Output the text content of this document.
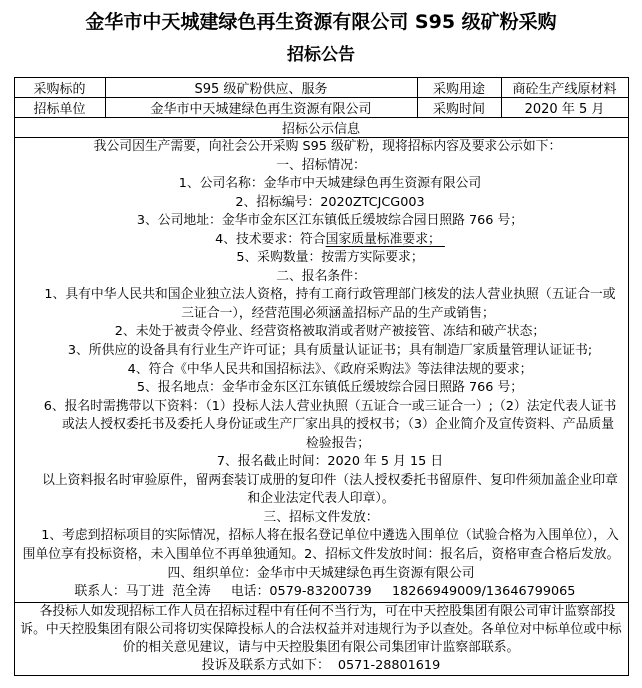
金华市中天城建绿色再生资源有限公司 S95 级矿粉采购
招标公告
采购标的	S95 级矿粉供应、服务	采购用途	商砼生产线原材料
招标单位	金华市中天城建绿色再生资源有限公司	采购时间	2020 年 5 月
招标公示信息			

我公司因生产需要，向社会公开采购 S95 级矿粉，现将招标内容及要求公示如下：
一、招标情况：
1、公司名称：金华市中天城建绿色再生资源有限公司
2、招标编号：2020ZTCJCG003
3、公司地址：金华市金东区江东镇低丘缓坡综合园日照路 766 号；
4、技术要求：符合国家质量标准要求；
5、采购数量：按需方实际要求；
二、报名条件：
1、具有中华人民共和国企业独立法人资格，持有工商行政管理部门核发的法人营业执照（五证合一或
三证合一），经营范围必须涵盖招标产品的生产或销售；
2、未处于被责令停业、经营资格被取消或者财产被接管、冻结和破产状态；
3、所供应的设备具有行业生产许可证；具有质量认证证书；具有制造厂家质量管理认证证书;
4、符合《中华人民共和国招标法》、《政府采购法》等法律法规的要求；
5、报名地点：金华市金东区江东镇低丘缓坡综合园日照路 766 号；
6、报名时需携带以下资料：（1）投标人法人营业执照（五证合一或三证合一）;（2）法定代表人证书
或法人授权委托书及委托人身份证或生产厂家出具的授权书；（3）企业简介及宣传资料、产品质量
检验报告；
7、报名截止时间：2020 年 5 月 15 日
以上资料报名时审验原件，留两套装订成册的复印件（法人授权委托书留原件、复印件须加盖企业印章
和企业法定代表人印章）。
三、招标文件发放：
1、考虑到招标项目的实际情况，招标人将在报名登记单位中遴选入围单位（试验合格为入围单位），入
围单位享有投标资格，未入围单位不再单独通知。2、招标文件发放时间：报名后，资格审查合格后发放。
四、组织单位：金华市中天城建绿色再生资源有限公司
联系人：马丁进  范全涛     电话：0579-83200739     18266949009/13646799065

各投标人如发现招标工作人员在招标过程中有任何不当行为，可在中天控股集团有限公司审计监察部投
诉。中天控股集团有限公司将切实保障投标人的合法权益并对违规行为予以查处。各单位对中标单位或中标
价的相关意见建议，请与中天控股集团有限公司集团审计监察部联系。
投诉及联系方式如下：  0571-28801619			
